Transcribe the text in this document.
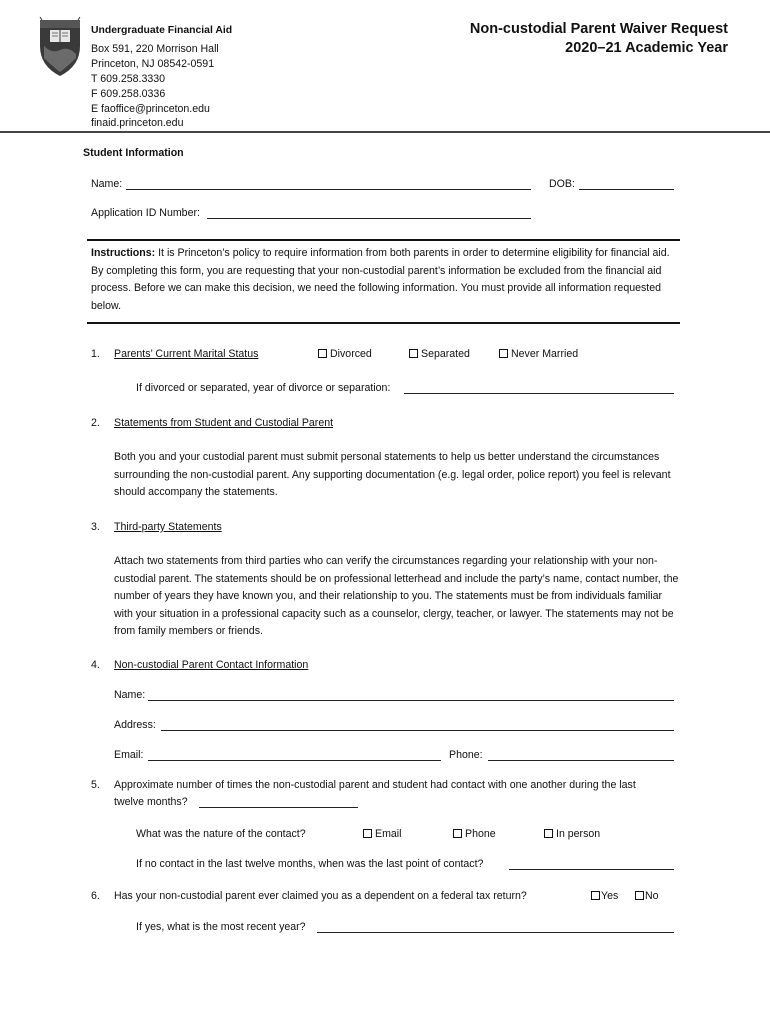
Undergraduate Financial Aid
Box 591, 220 Morrison Hall
Princeton, NJ 08542-0591
T 609.258.3330
F 609.258.0336
E faoffice@princeton.edu
finaid.princeton.edu
Non-custodial Parent Waiver Request
2020–21 Academic Year
Student Information
Name:	DOB:
Application ID Number:
Instructions: It is Princeton’s policy to require information from both parents in order to determine eligibility for financial aid. By completing this form, you are requesting that your non-custodial parent’s information be excluded from the financial aid process. Before we can make this decision, we need the following information. You must provide all information requested below.
1. Parents’ Current Marital Status	Divorced	Separated	Never Married
If divorced or separated, year of divorce or separation:
2. Statements from Student and Custodial Parent
Both you and your custodial parent must submit personal statements to help us better understand the circumstances surrounding the non-custodial parent. Any supporting documentation (e.g. legal order, police report) you feel is relevant should accompany the statements.
3. Third-party Statements
Attach two statements from third parties who can verify the circumstances regarding your relationship with your non-custodial parent. The statements should be on professional letterhead and include the party’s name, contact number, the number of years they have known you, and their relationship to you. The statements must be from individuals familiar with your situation in a professional capacity such as a counselor, clergy, teacher, or lawyer. The statements may not be from family members or friends.
4. Non-custodial Parent Contact Information
Name:
Address:
Email:	Phone:
5. Approximate number of times the non-custodial parent and student had contact with one another during the last
twelve months?
What was the nature of the contact?	Email	Phone	In person
If no contact in the last twelve months, when was the last point of contact?
6. Has your non-custodial parent ever claimed you as a dependent on a federal tax return?	Yes	No
If yes, what is the most recent year?
